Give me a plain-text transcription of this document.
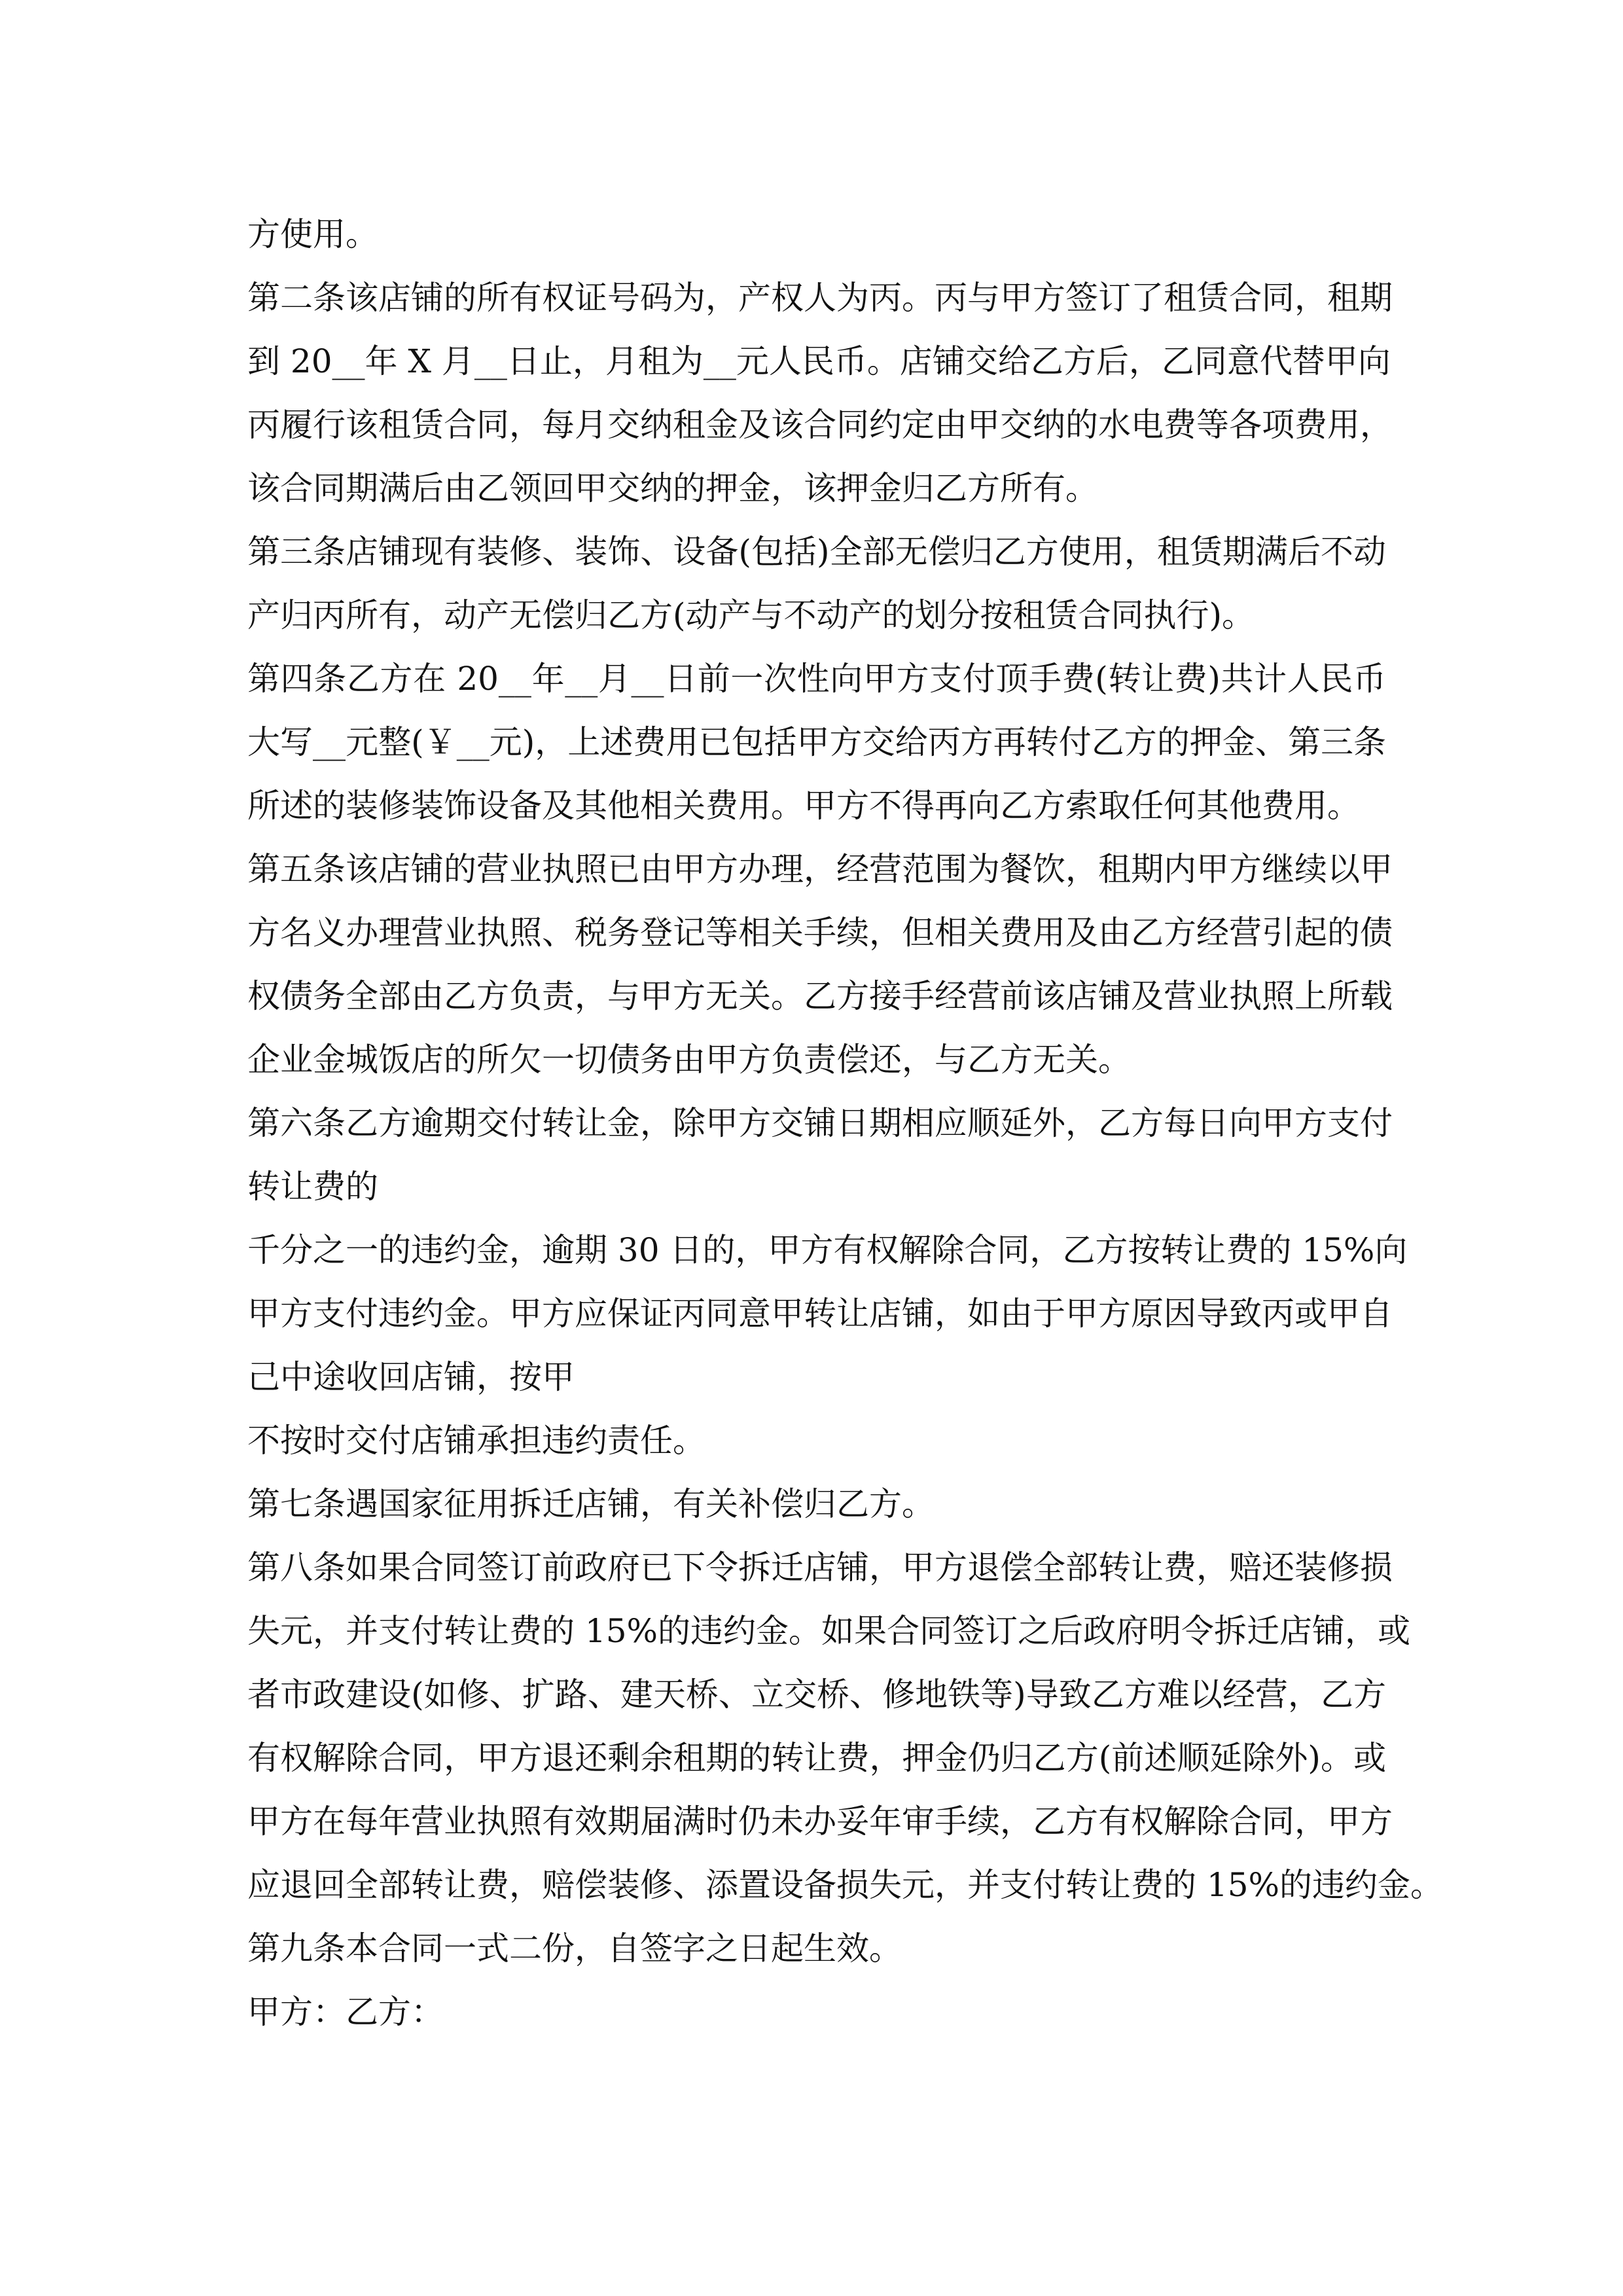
方使用。
第二条该店铺的所有权证号码为，产权人为丙。丙与甲方签订了租赁合同，租期
到 20__年 X 月__日止，月租为__元人民币。店铺交给乙方后，乙同意代替甲向
丙履行该租赁合同，每月交纳租金及该合同约定由甲交纳的水电费等各项费用，
该合同期满后由乙领回甲交纳的押金，该押金归乙方所有。
第三条店铺现有装修、装饰、设备(包括)全部无偿归乙方使用，租赁期满后不动
产归丙所有，动产无偿归乙方(动产与不动产的划分按租赁合同执行)。
第四条乙方在 20__年__月__日前一次性向甲方支付顶手费(转让费)共计人民币
大写__元整(￥__元)，上述费用已包括甲方交给丙方再转付乙方的押金、第三条
所述的装修装饰设备及其他相关费用。甲方不得再向乙方索取任何其他费用。
第五条该店铺的营业执照已由甲方办理，经营范围为餐饮，租期内甲方继续以甲
方名义办理营业执照、税务登记等相关手续，但相关费用及由乙方经营引起的债
权债务全部由乙方负责，与甲方无关。乙方接手经营前该店铺及营业执照上所载
企业金城饭店的所欠一切债务由甲方负责偿还，与乙方无关。
第六条乙方逾期交付转让金，除甲方交铺日期相应顺延外，乙方每日向甲方支付
转让费的
千分之一的违约金，逾期 30 日的，甲方有权解除合同，乙方按转让费的 15%向
甲方支付违约金。甲方应保证丙同意甲转让店铺，如由于甲方原因导致丙或甲自
己中途收回店铺，按甲
不按时交付店铺承担违约责任。
第七条遇国家征用拆迁店铺，有关补偿归乙方。
第八条如果合同签订前政府已下令拆迁店铺，甲方退偿全部转让费，赔还装修损
失元，并支付转让费的 15%的违约金。如果合同签订之后政府明令拆迁店铺，或
者市政建设(如修、扩路、建天桥、立交桥、修地铁等)导致乙方难以经营，乙方
有权解除合同，甲方退还剩余租期的转让费，押金仍归乙方(前述顺延除外)。或
甲方在每年营业执照有效期届满时仍未办妥年审手续，乙方有权解除合同，甲方
应退回全部转让费，赔偿装修、添置设备损失元，并支付转让费的 15%的违约金。
第九条本合同一式二份，自签字之日起生效。
甲方：乙方：
